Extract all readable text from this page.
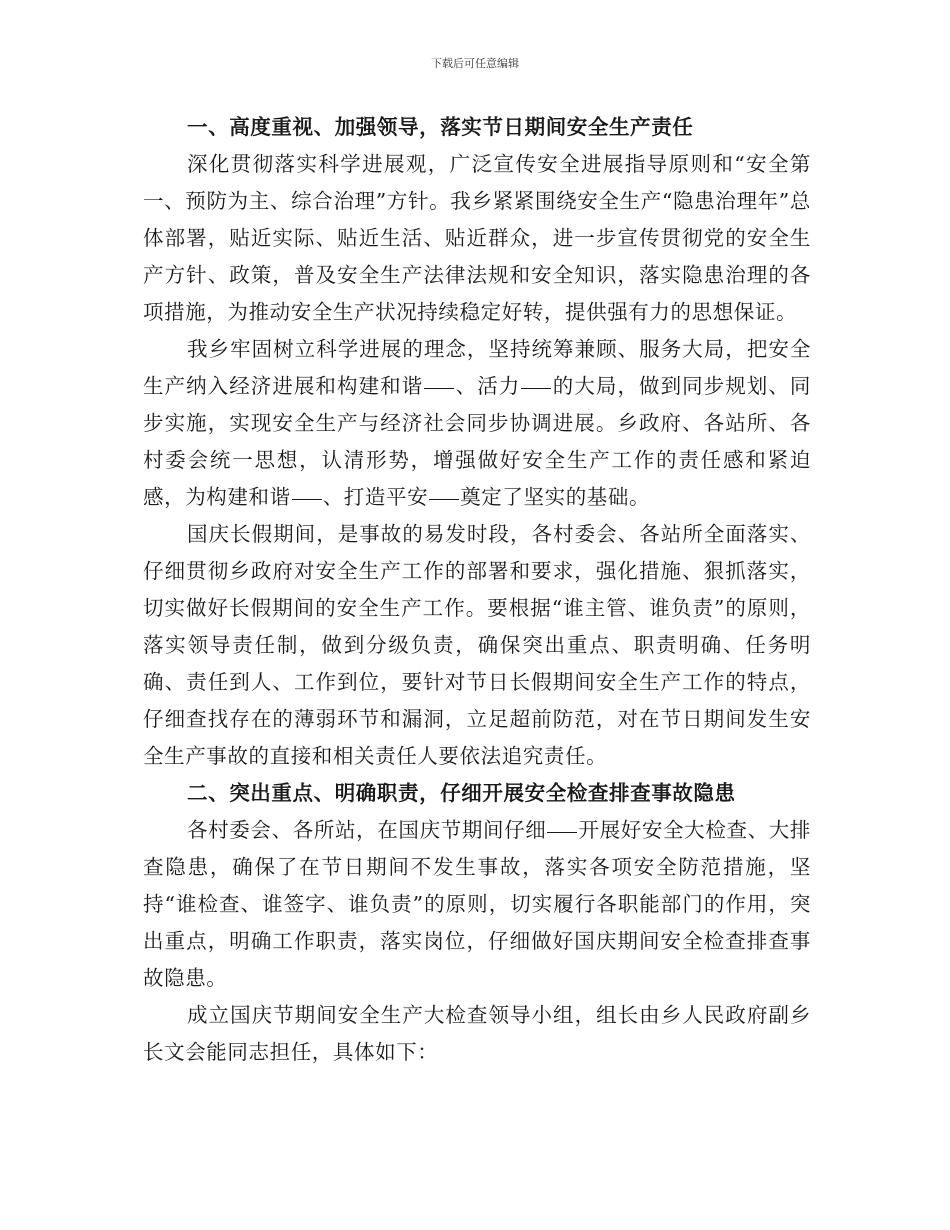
下载后可任意编辑

一、高度重视、加强领导，落实节日期间安全生产责任

深化贯彻落实科学进展观，广泛宣传安全进展指导原则和“安全第一、预防为主、综合治理”方针。我乡紧紧围绕安全生产“隐患治理年”总体部署，贴近实际、贴近生活、贴近群众，进一步宣传贯彻党的安全生产方针、政策，普及安全生产法律法规和安全知识，落实隐患治理的各项措施，为推动安全生产状况持续稳定好转，提供强有力的思想保证。

我乡牢固树立科学进展的理念，坚持统筹兼顾、服务大局，把安全生产纳入经济进展和构建和谐 、活力 的大局，做到同步规划、同步实施，实现安全生产与经济社会同步协调进展。乡政府、各站所、各村委会统一思想，认清形势，增强做好安全生产工作的责任感和紧迫感，为构建和谐 、打造平安 奠定了坚实的基础。

国庆长假期间，是事故的易发时段，各村委会、各站所全面落实、仔细贯彻乡政府对安全生产工作的部署和要求，强化措施、狠抓落实，切实做好长假期间的安全生产工作。要根据“谁主管、谁负责”的原则，落实领导责任制，做到分级负责，确保突出重点、职责明确、任务明确、责任到人、工作到位，要针对节日长假期间安全生产工作的特点，仔细查找存在的薄弱环节和漏洞，立足超前防范，对在节日期间发生安全生产事故的直接和相关责任人要依法追究责任。

二、突出重点、明确职责，仔细开展安全检查排查事故隐患

各村委会、各所站，在国庆节期间仔细 开展好安全大检查、大排查隐患，确保了在节日期间不发生事故，落实各项安全防范措施，坚持“谁检查、谁签字、谁负责”的原则，切实履行各职能部门的作用，突出重点，明确工作职责，落实岗位，仔细做好国庆期间安全检查排查事故隐患。

成立国庆节期间安全生产大检查领导小组，组长由乡人民政府副乡长文会能同志担任，具体如下：
